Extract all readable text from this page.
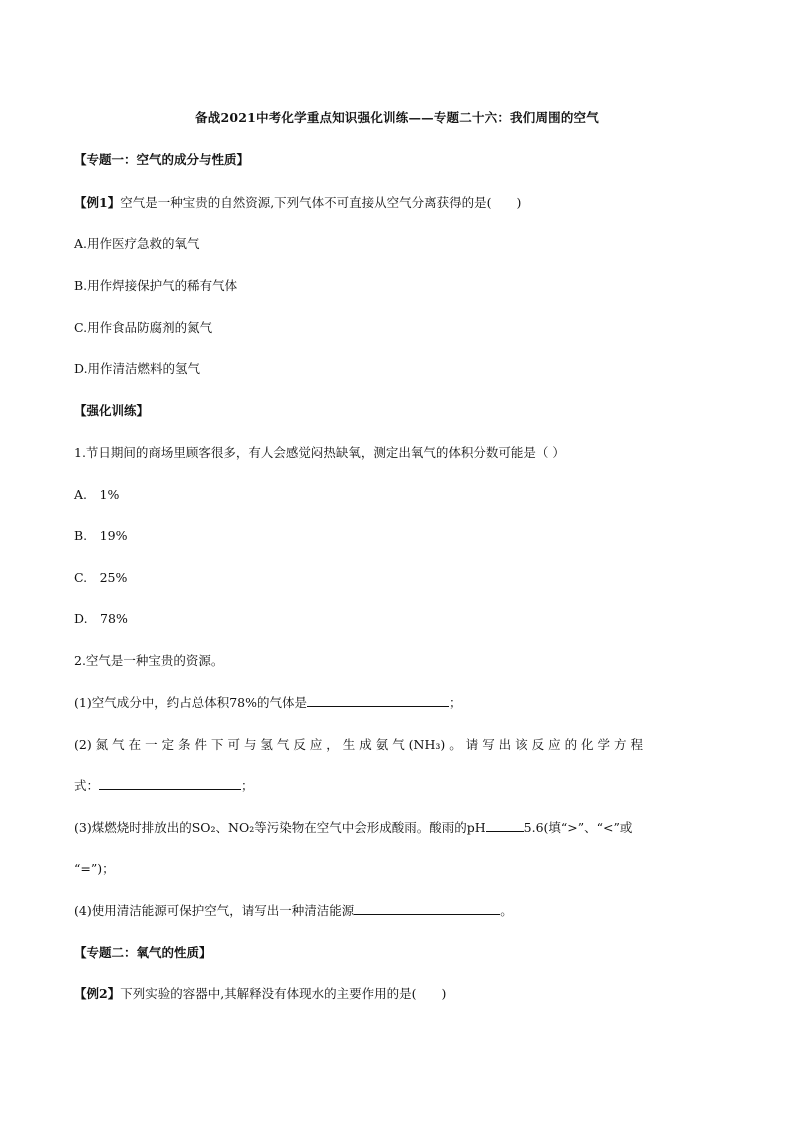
备战2021中考化学重点知识强化训练——专题二十六：我们周围的空气
【专题一：空气的成分与性质】
【例1】空气是一种宝贵的自然资源,下列气体不可直接从空气分离获得的是(　　)
A.用作医疗急救的氧气
B.用作焊接保护气的稀有气体
C.用作食品防腐剂的氮气
D.用作清洁燃料的氢气
【强化训练】
1.节日期间的商场里顾客很多，有人会感觉闷热缺氧，测定出氧气的体积分数可能是（ ）
A.　1%
B.　19%
C.　25%
D.　78%
2.空气是一种宝贵的资源。
(1)空气成分中，约占总体积78%的气体是	；
(2) 氮 气 在 一 定 条 件 下 可 与 氢 气 反 应 ， 生 成 氨 气 (NH₃) 。 请 写 出 该 反 应 的 化 学 方 程
式：	；
(3)煤燃烧时排放出的SO₂、NO₂等污染物在空气中会形成酸雨。酸雨的pH	5.6(填“>”、“<”或
“=”)；
(4)使用清洁能源可保护空气，请写出一种清洁能源	。
【专题二：氧气的性质】
【例2】下列实验的容器中,其解释没有体现水的主要作用的是(　　)
